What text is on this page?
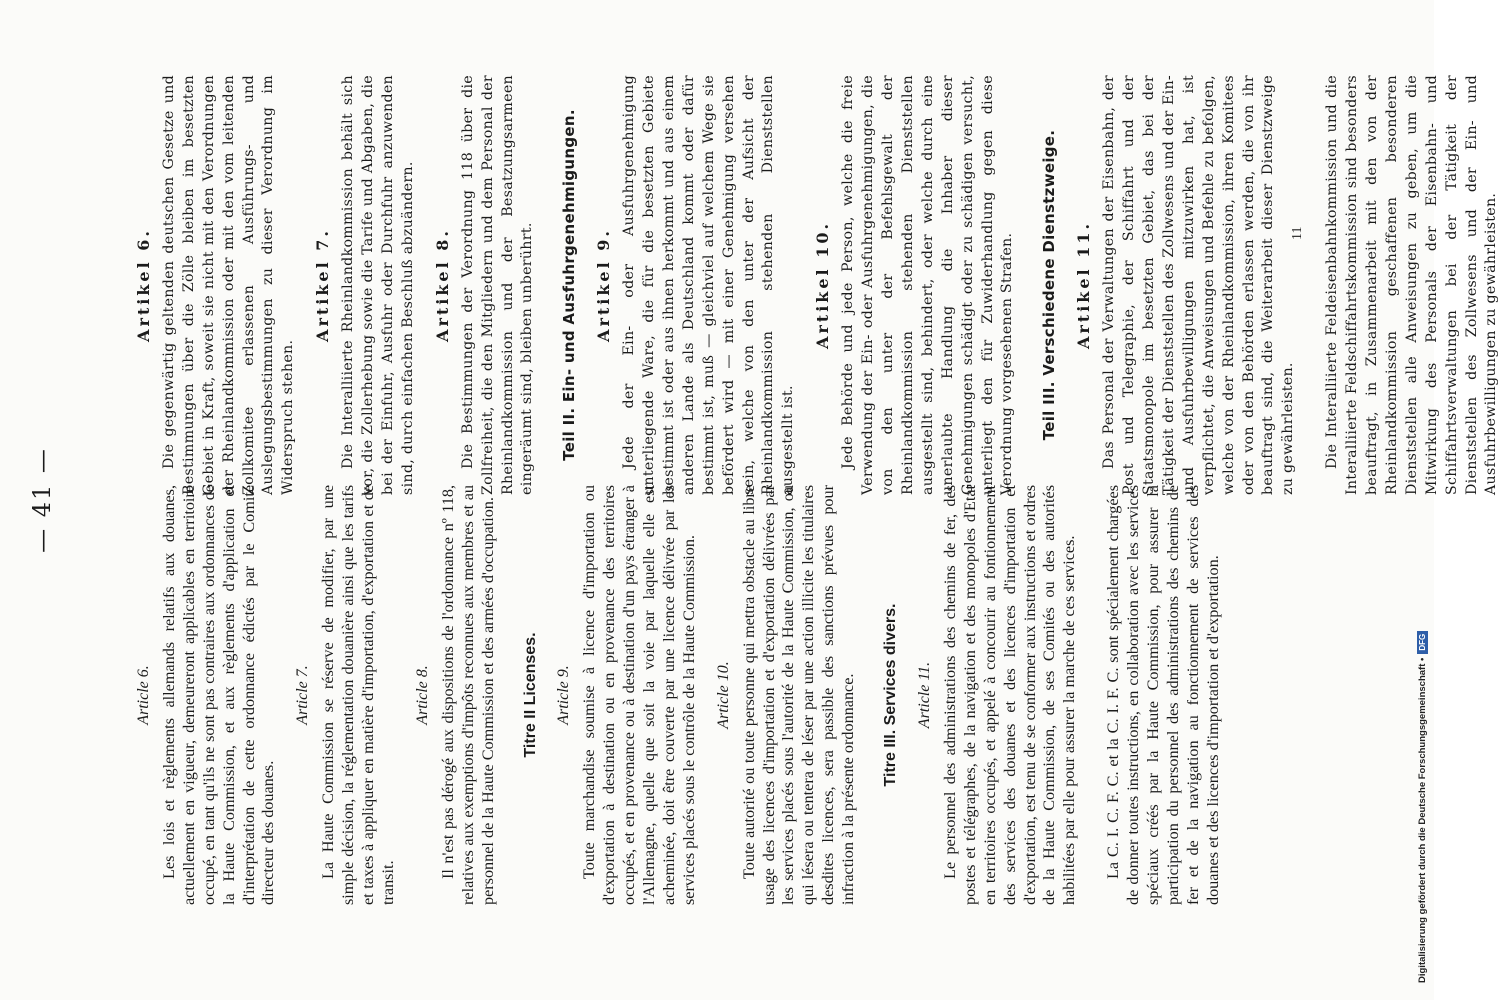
— 41 —
Article 6. Les lois et règlements allemands relatifs aux douanes, actuellement en vigueur, demeureront applicables en territoire occupé, en tant qu'ils ne sont pas contraires aux ordonnances de la Haute Commission, et aux règlements d'application et d'interprétation de cette ordonnance édictés par le Comité directeur des douanes.

Article 7. La Haute Commission se réserve de modifier, par une simple décision, la réglementation douanière ainsi que les tarifs et taxes à appliquer en matière d'importation, d'exportation et de transit.

Article 8. Il n'est pas dérogé aux dispositions de l'ordonnance nº 118, relatives aux exemptions d'impôts reconnues aux membres et au personnel de la Haute Commission et des armées d'occupation. Titre II Licenses. Article 9. Toute marchandise soumise à licence d'importation ou d'exportation à destination ou en provenance des territoires occupés, et en provenance ou à destination d'un pays étranger à l'Allemagne, quelle que soit la voie par laquelle elle est acheminée, doit être couverte par une licence délivrée par les services placés sous le contrôle de la Haute Commission. Article 10. Toute autorité ou toute personne qui mettra obstacle au libre usage des licences d'importation et d'exportation délivrées par les services placés sous l'autorité de la Haute Commission, ou qui lésera ou tentera de léser par une action illicite les titulaires desdites licences, sera passible des sanctions prévues pour infraction à la présente ordonnance. Titre III. Services divers. Article 11. Le personnel des administrations des chemins de fer, des postes et télégraphes, de la navigation et des monopoles d'Etat en territoires occupés, et appelé à concourir au fontionnement des services des douanes et des licences d'importation et d'exportation, est tenu de se conformer aux instructions et ordres de la Haute Commission, de ses Comités ou des autorités habilitées par elle pour assurer la marche de ces services. La C. I. C. F. C. et la C. I. F. C. sont spécialement chargées de donner toutes instructions, en collaboration avec les services spéciaux créés par la Haute Commission, pour assurer la participation du personnel des administrations des chemins de fer et de la navigation au fonctionnement de services des douanes et des licences d'importation et d'exportation.

Artikel 6. Die gegenwärtig geltenden deutschen Gesetze und Bestimmungen über die Zölle bleiben im besetzten Gebiet in Kraft, soweit sie nicht mit den Verordnungen der Rheinlandkommission oder mit den vom leitenden Zollkomitee erlassenen Ausführungs- und Auslegungsbestimmungen zu dieser Verordnung im Widerspruch stehen.

Artikel 7. Die Interalliierte Rheinlandkommission behält sich vor, die Zollerhebung sowie die Tarife und Abgaben, die bei der Einfuhr, Ausfuhr oder Durchfuhr anzuwenden sind, durch einfachen Beschluß abzuändern. Artikel 8. Die Bestimmungen der Verordnung 118 über die Zollfreiheit, die den Mitgliedern und dem Personal der Rheinlandkommission und der Besatzungsarmeen eingeräumt sind, bleiben unberührt. Teil II. Ein- und Ausfuhrgenehmigungen. Artikel 9. Jede der Ein- oder Ausfuhrgenehmigung unterliegende Ware, die für die besetzten Gebiete bestimmt ist oder aus ihnen herkommt und aus einem anderen Lande als Deutschland kommt oder dafür bestimmt ist, muß — gleichviel auf welchem Wege sie befördert wird — mit einer Genehmigung versehen sein, welche von den unter der Aufsicht der Rheinlandkommission stehenden Dienststellen ausgestellt ist.

Artikel 10. Jede Behörde und jede Person, welche die freie Verwendung der Ein- oder Ausfuhrgenehmigungen, die von den unter der Befehlsgewalt der Rheinlandkommission stehenden Dienststellen ausgestellt sind, behindert, oder welche durch eine unerlaubte Handlung die Inhaber dieser Genehmigungen schädigt oder zu schädigen versucht, unterliegt den für Zuwiderhandlung gegen diese Verordnung vorgesehenen Strafen. Teil III. Verschiedene Dienstzweige. Artikel 11. Das Personal der Verwaltungen der Eisenbahn, der Post und Telegraphie, der Schiffahrt und der Staatsmonopole im besetzten Gebiet, das bei der Tätigkeit der Dienststellen des Zollwesens und der Ein- und Ausfuhrbewilligungen mitzuwirken hat, ist verpflichtet, die Anweisungen und Befehle zu befolgen, welche von der Rheinlandkommission, ihren Komitees oder von den Behörden erlassen werden, die von ihr beauftragt sind, die Weiterarbeit dieser Dienstzweige zu gewährleisten. Die Interalliierte Feldeisenbahnkommission und die Interalliierte Feldschiffahrtskommission sind besonders beauftragt, in Zusammenarbeit mit den von der Rheinlandkommission geschaffenen besonderen Dienststellen alle Anweisungen zu geben, um die Mitwirkung des Personals der Eisenbahn- und Schiffahrtsverwaltungen bei der Tätigkeit der Dienststellen des Zollwesens und der Ein- und Ausfuhrbewilligungen zu gewährleisten.

11
Digitalisierung gefördert durch die Deutsche Forschungsgemeinschaft •DFG
